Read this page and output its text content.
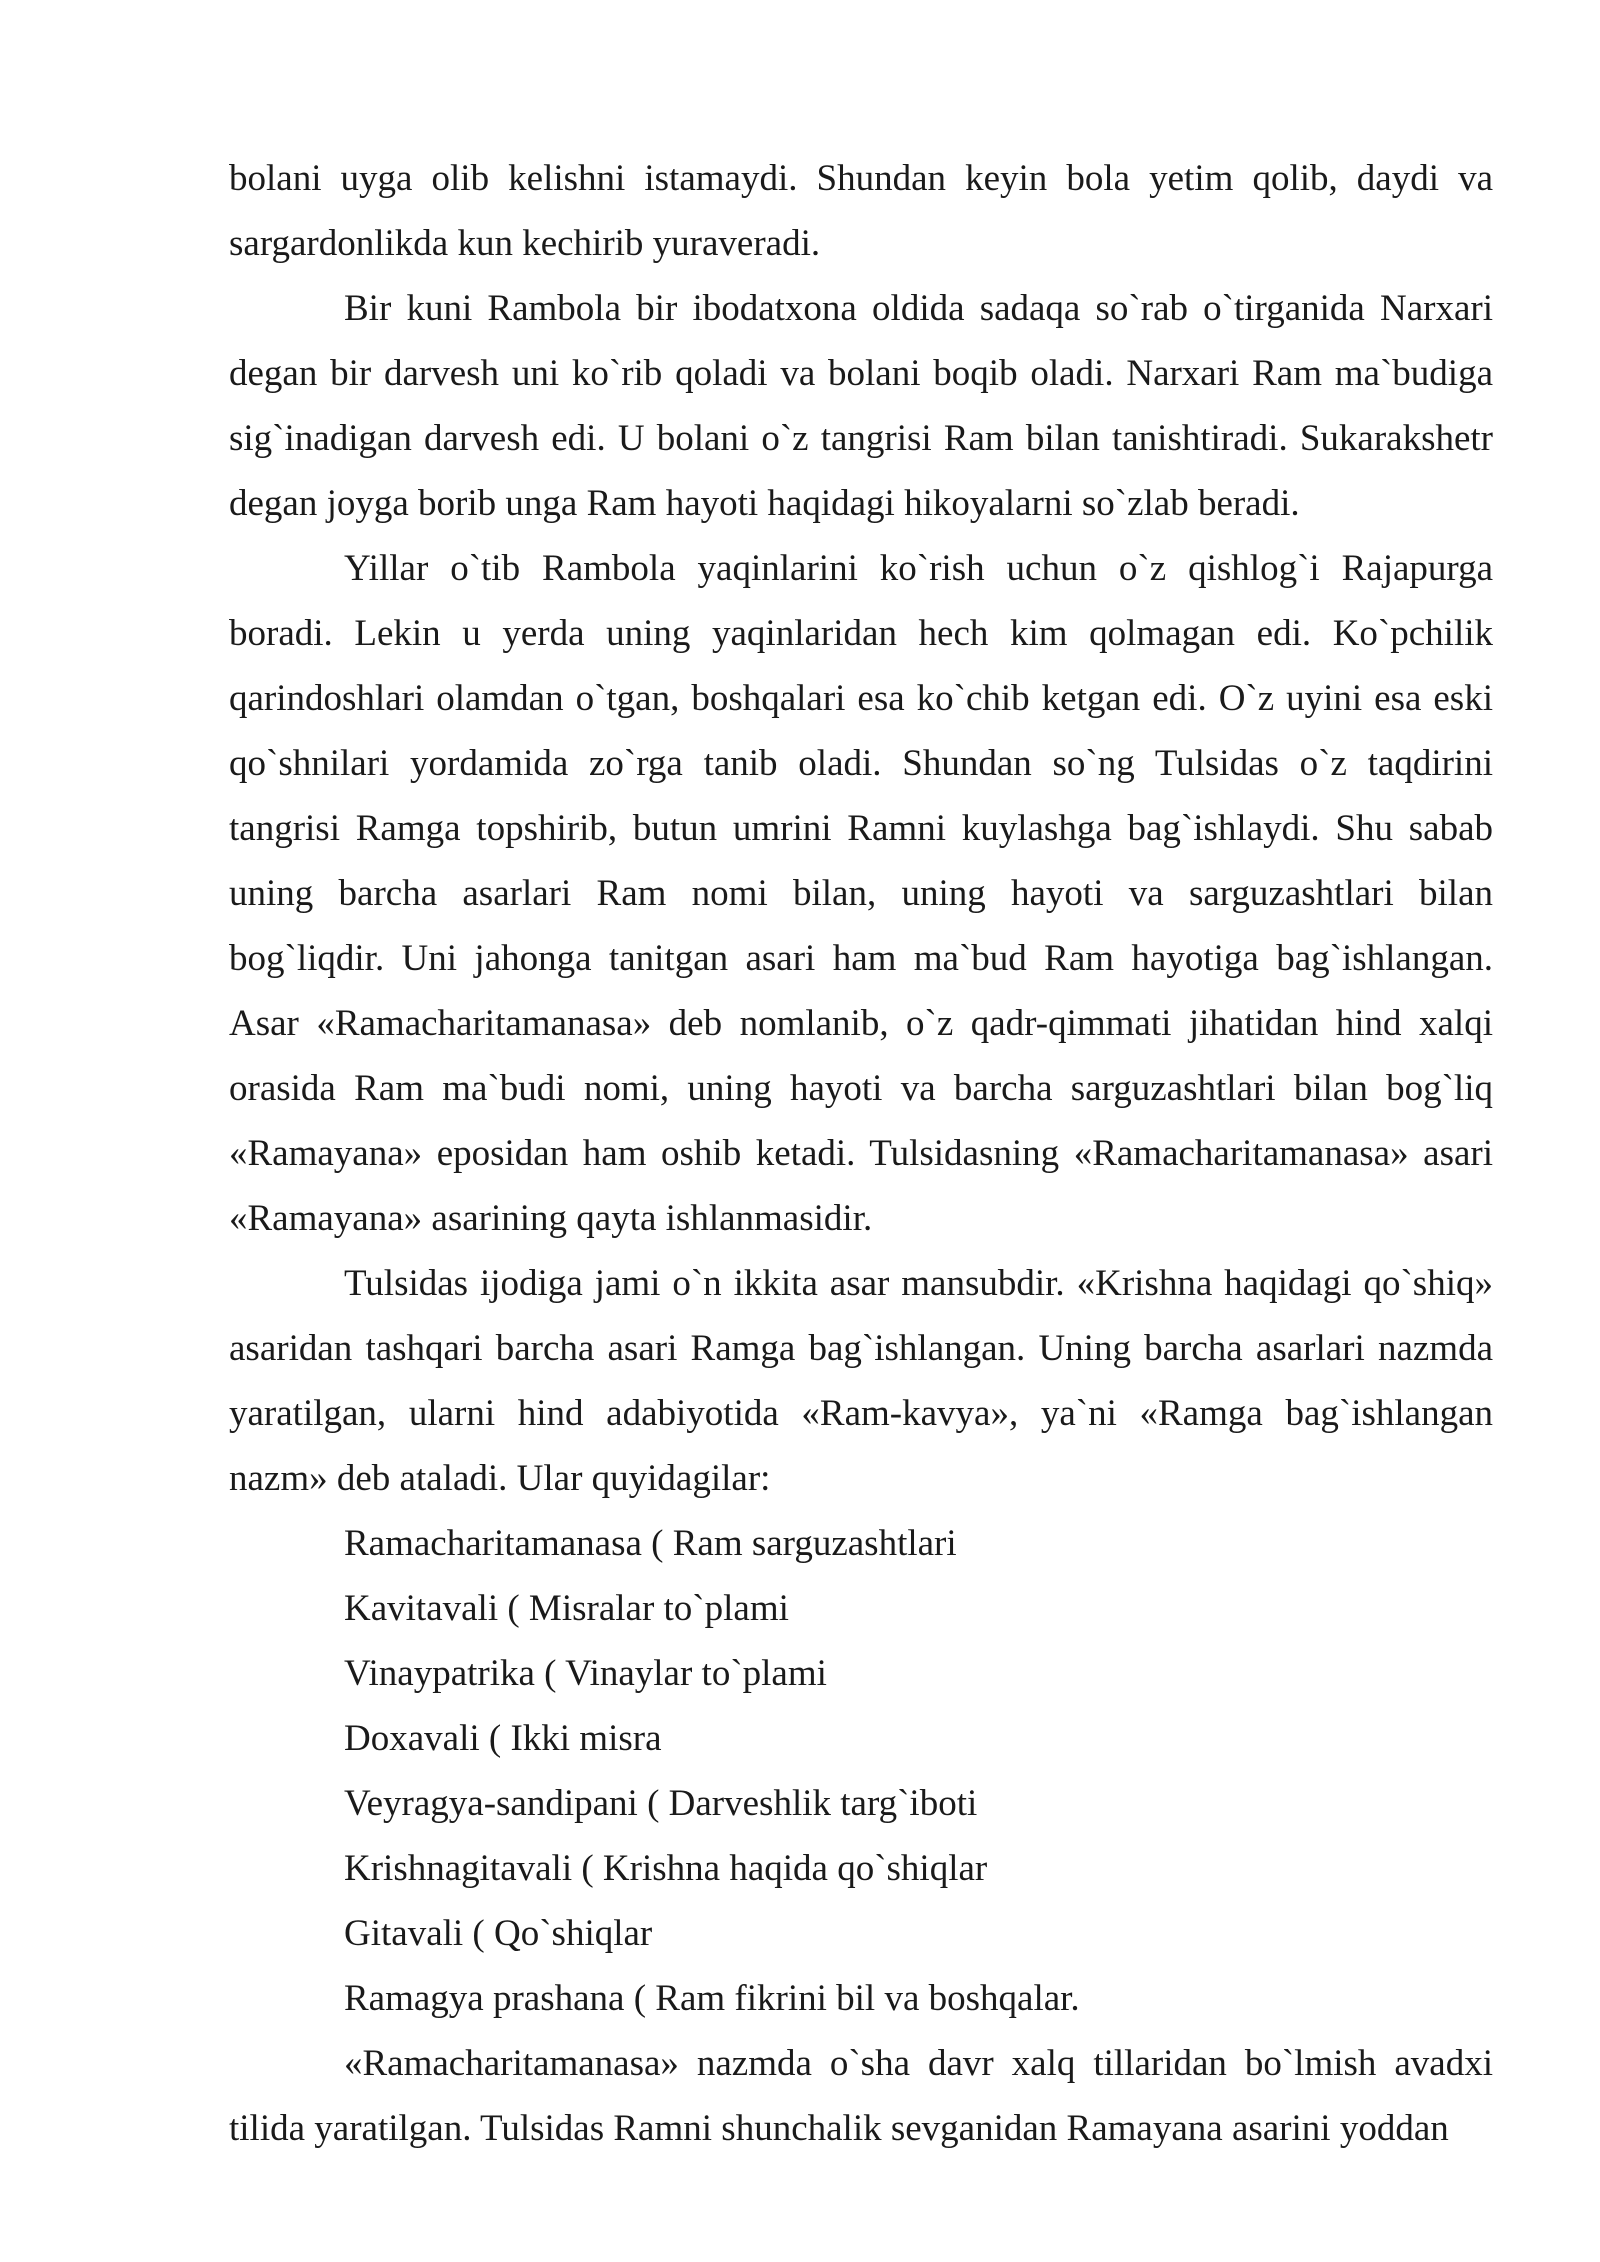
bolani uyga olib kelishni istamaydi. Shundan keyin bola yetim qolib, daydi va sargardonlikda kun kechirib yuraveradi.

Bir kuni Rambola bir ibodatxona oldida sadaqa so`rab o`tirganida Narxari degan bir darvesh uni ko`rib qoladi va bolani boqib oladi. Narxari Ram ma`budiga sig`inadigan darvesh edi. U bolani o`z tangrisi Ram bilan tanishtiradi. Sukarakshetr degan joyga borib unga Ram hayoti haqidagi hikoyalarni so`zlab beradi.

Yillar o`tib Rambola yaqinlarini ko`rish uchun o`z qishlog`i Rajapurga boradi. Lekin u yerda uning yaqinlaridan hech kim qolmagan edi. Ko`pchilik qarindoshlari olamdan o`tgan, boshqalari esa ko`chib ketgan edi. O`z uyini esa eski qo`shnilari yordamida zo`rga tanib oladi. Shundan so`ng Tulsidas o`z taqdirini tangrisi Ramga topshirib, butun umrini Ramni kuylashga bag`ishlaydi. Shu sabab uning barcha asarlari Ram nomi bilan, uning hayoti va sarguzashtlari bilan bog`liqdir. Uni jahonga tanitgan asari ham ma`bud Ram hayotiga bag`ishlangan. Asar «Ramacharitamanasa» deb nomlanib, o`z qadr-qimmati jihatidan hind xalqi orasida Ram ma`budi nomi, uning hayoti va barcha sarguzashtlari bilan bog`liq «Ramayana» eposidan ham oshib ketadi. Tulsidasning «Ramacharitamanasa» asari «Ramayana» asarining qayta ishlanmasidir.

Tulsidas ijodiga jami o`n ikkita asar mansubdir. «Krishna haqidagi qo`shiq» asaridan tashqari barcha asari Ramga bag`ishlangan. Uning barcha asarlari nazmda yaratilgan, ularni hind adabiyotida «Ram-kavya», ya`ni «Ramga bag`ishlangan nazm» deb ataladi. Ular quyidagilar:

Ramacharitamanasa ( Ram sarguzashtlari
Kavitavali ( Misralar to`plami
Vinaypatrika ( Vinaylar to`plami
Doxavali ( Ikki misra
Veyragya-sandipani ( Darveshlik targ`iboti
Krishnagitavali ( Krishna haqida qo`shiqlar
Gitavali ( Qo`shiqlar
Ramagya prashana ( Ram fikrini bil va boshqalar.

«Ramacharitamanasa» nazmda o`sha davr xalq tillaridan bo`lmish avadxi tilida yaratilgan. Tulsidas Ramni shunchalik sevganidan Ramayana asarini yoddan
